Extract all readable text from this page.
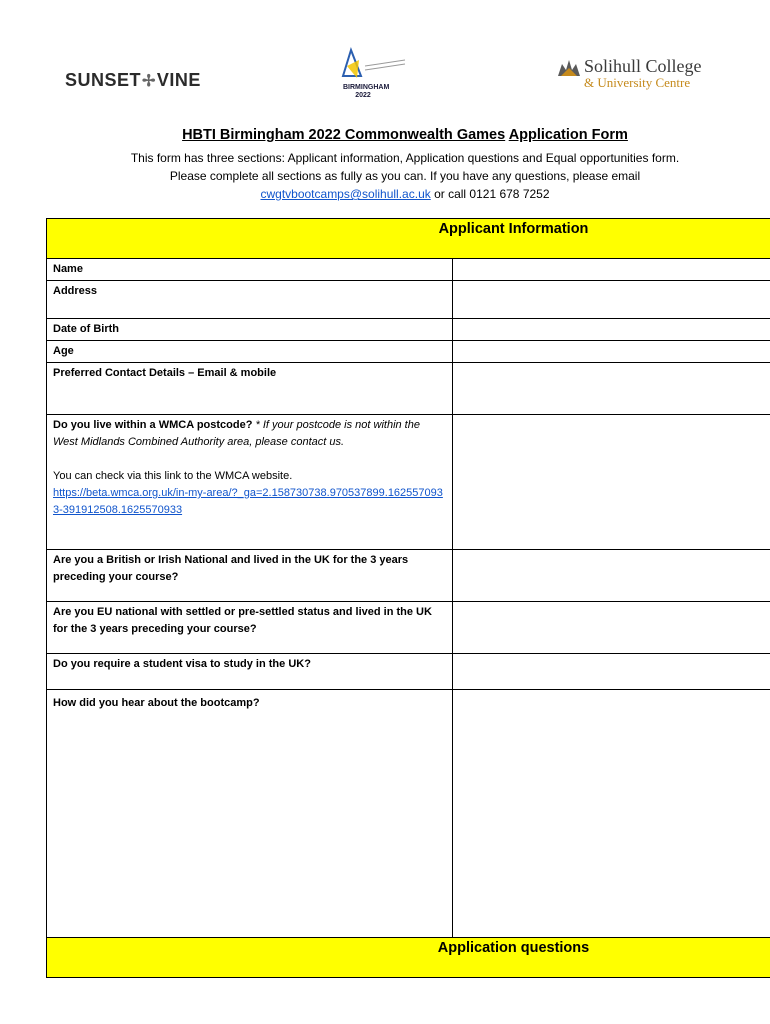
SUNSET✢VINE	BIRMINGHAM
2022
Solihull College
& University Centre
HBTI Birmingham 2022 Commonwealth Games Application Form
This form has three sections: Applicant information, Application questions and Equal opportunities form.
Please complete all sections as fully as you can. If you have any questions, please email
cwgtvbootcamps@solihull.ac.uk or call 0121 678 7252
Applicant Information	
Name	
Address	
Date of Birth	
Age	
Preferred Contact Details – Email & mobile	
Do you live within a WMCA postcode? * If your postcode is not within the West Midlands Combined Authority area, please contact us.
You can check via this link to the WMCA website.
https://beta.wmca.org.uk/in-my-area/?_ga=2.158730738.970537899.1625570933-391912508.1625570933	
Are you a British or Irish National and lived in the UK for the 3 years preceding your course?	
Are you EU national with settled or pre-settled status and lived in the UK for the 3 years preceding your course?	
Do you require a student visa to study in the UK?	
How did you hear about the bootcamp?	
Application questions	
